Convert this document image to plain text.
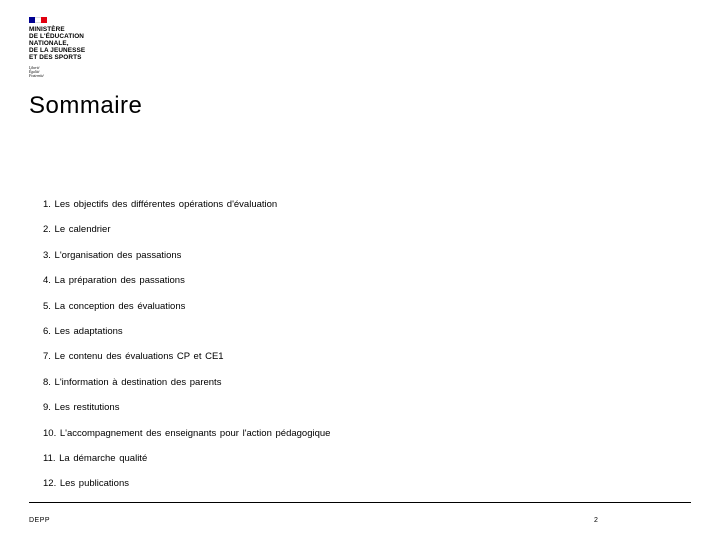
MINISTÈRE
DE L'ÉDUCATION
NATIONALE,
DE LA JEUNESSE
ET DES SPORTS
Liberté
Égalité
Fraternité
Sommaire
1. Les objectifs des différentes opérations d'évaluation
2. Le calendrier
3. L'organisation des passations
4. La préparation des passations
5. La conception des évaluations
6. Les adaptations
7. Le contenu des évaluations CP et CE1
8. L'information à destination des parents
9. Les restitutions
10. L'accompagnement des enseignants pour l'action pédagogique
11. La démarche qualité
12. Les publications
DEPP	2
